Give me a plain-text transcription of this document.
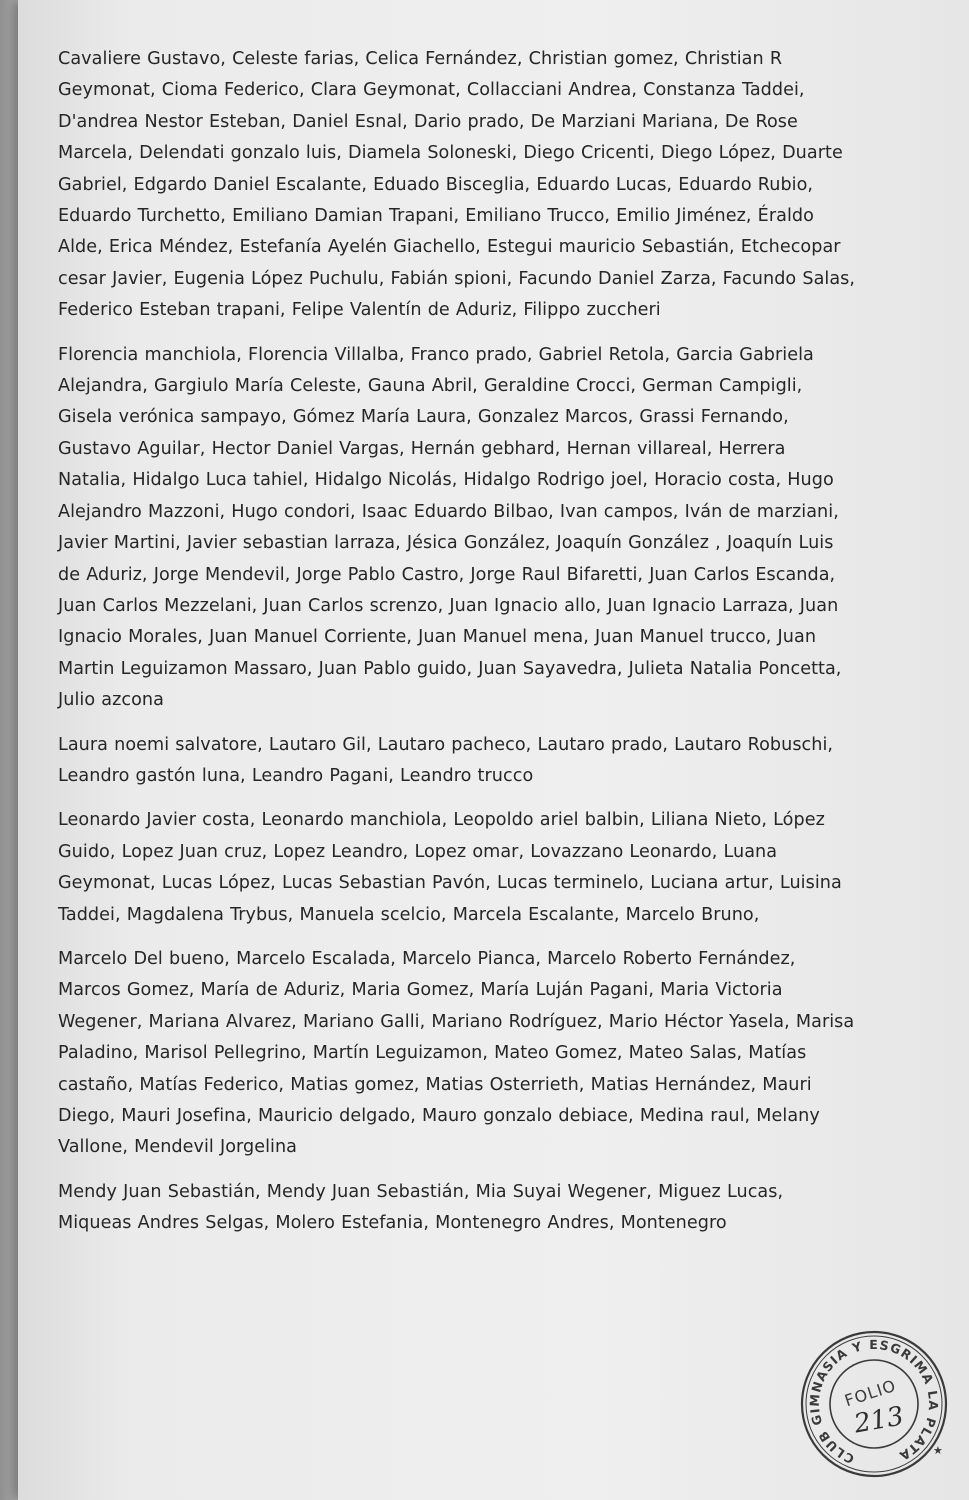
Cavaliere Gustavo, Celeste farias, Celica Fernández, Christian gomez, Christian R Geymonat, Cioma Federico, Clara Geymonat, Collacciani Andrea, Constanza Taddei, D'andrea Nestor Esteban, Daniel Esnal, Dario prado, De Marziani Mariana, De Rose Marcela, Delendati gonzalo luis, Diamela Soloneski, Diego Cricenti, Diego López, Duarte Gabriel, Edgardo Daniel Escalante, Eduado Bisceglia, Eduardo Lucas, Eduardo Rubio, Eduardo Turchetto, Emiliano Damian Trapani, Emiliano Trucco, Emilio Jiménez, Éraldo Alde, Erica Méndez, Estefanía Ayelén Giachello, Estegui mauricio Sebastián, Etchecopar cesar Javier, Eugenia López Puchulu, Fabián spioni, Facundo Daniel Zarza, Facundo Salas, Federico Esteban trapani, Felipe Valentín de Aduriz, Filippo zuccheri

Florencia manchiola, Florencia Villalba, Franco prado, Gabriel Retola, Garcia Gabriela Alejandra, Gargiulo María Celeste, Gauna Abril, Geraldine Crocci, German Campigli, Gisela verónica sampayo, Gómez María Laura, Gonzalez Marcos, Grassi Fernando, Gustavo Aguilar, Hector Daniel Vargas, Hernán gebhard, Hernan villareal, Herrera Natalia, Hidalgo Luca tahiel, Hidalgo Nicolás, Hidalgo Rodrigo joel, Horacio costa, Hugo Alejandro Mazzoni, Hugo condori, Isaac Eduardo Bilbao, Ivan campos, Iván de marziani, Javier Martini, Javier sebastian larraza, Jésica González, Joaquín González , Joaquín Luis de Aduriz, Jorge Mendevil, Jorge Pablo Castro, Jorge Raul Bifaretti, Juan Carlos Escanda, Juan Carlos Mezzelani, Juan Carlos screnzo, Juan Ignacio allo, Juan Ignacio Larraza, Juan Ignacio Morales, Juan Manuel Corriente, Juan Manuel mena, Juan Manuel trucco, Juan Martin Leguizamon Massaro, Juan Pablo guido, Juan Sayavedra, Julieta Natalia Poncetta, Julio azcona

Laura noemi salvatore, Lautaro Gil, Lautaro pacheco, Lautaro prado, Lautaro Robuschi, Leandro gastón luna, Leandro Pagani, Leandro trucco

Leonardo Javier costa, Leonardo manchiola, Leopoldo ariel balbin, Liliana Nieto, López Guido, Lopez Juan cruz, Lopez Leandro, Lopez omar, Lovazzano Leonardo, Luana Geymonat, Lucas López, Lucas Sebastian Pavón, Lucas terminelo, Luciana artur, Luisina Taddei, Magdalena Trybus, Manuela scelcio, Marcela Escalante, Marcelo Bruno,

Marcelo Del bueno, Marcelo Escalada, Marcelo Pianca, Marcelo Roberto Fernández, Marcos Gomez, María de Aduriz, Maria Gomez, María Luján Pagani, Maria Victoria Wegener, Mariana Alvarez, Mariano Galli, Mariano Rodríguez, Mario Héctor Yasela, Marisa Paladino, Marisol Pellegrino, Martín Leguizamon, Mateo Gomez, Mateo Salas, Matías castaño, Matías Federico, Matias gomez, Matias Osterrieth, Matias Hernández, Mauri Diego, Mauri Josefina, Mauricio delgado, Mauro gonzalo debiace, Medina raul, Melany Vallone, Mendevil Jorgelina

Mendy Juan Sebastián, Mendy Juan Sebastián, Mia Suyai Wegener, Miguez Lucas, Miqueas Andres Selgas, Molero Estefania, Montenegro Andres, Montenegro

CLUB GIMNASIA Y ESGRIMA LA PLATA	★
FOLIO
213
